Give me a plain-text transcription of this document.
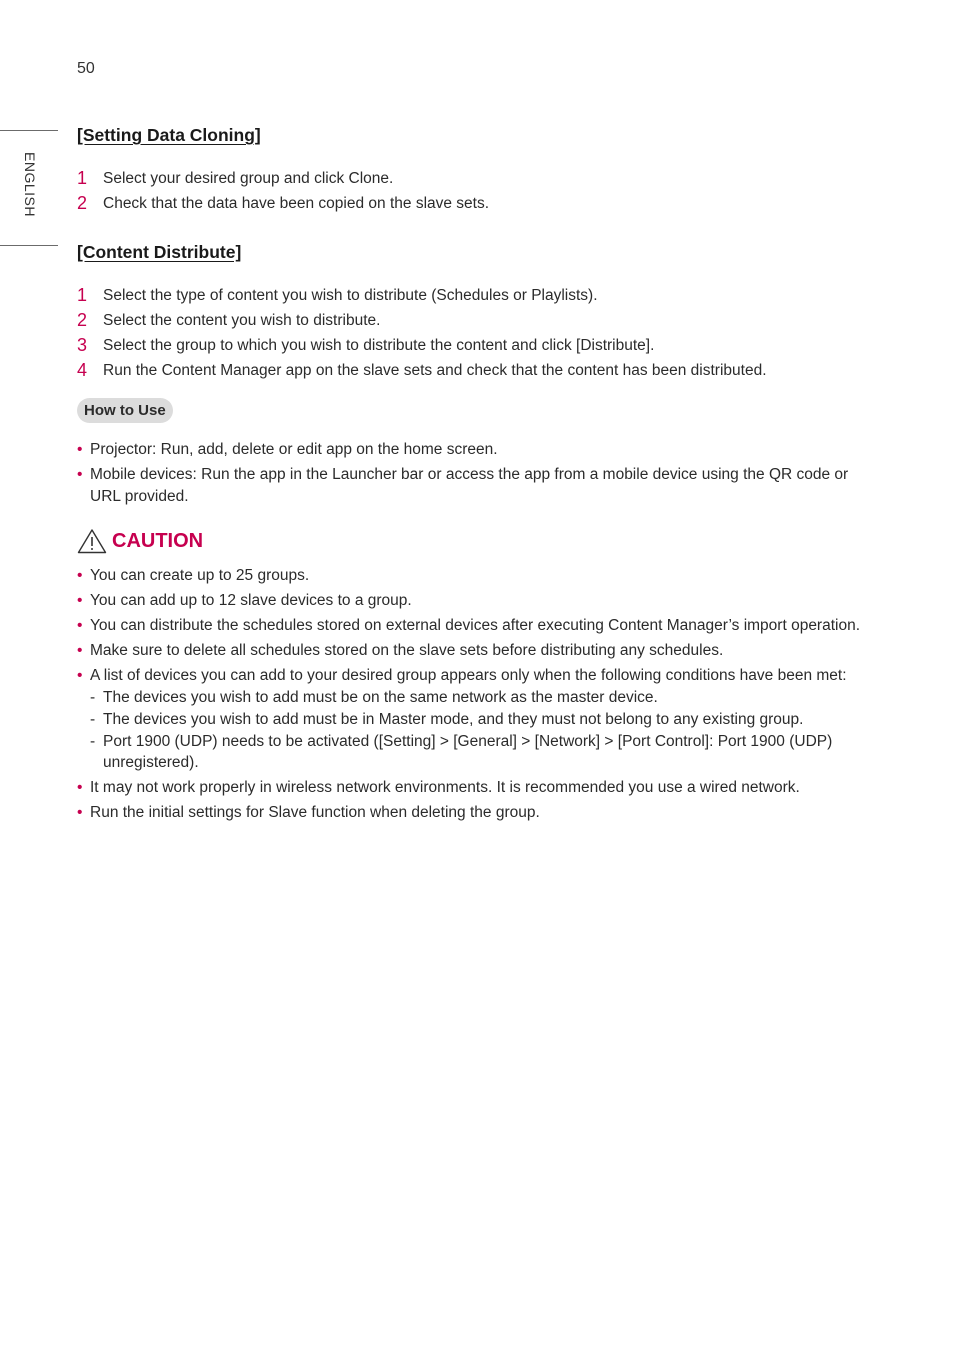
50
ENGLISH
[Setting Data Cloning]
1	Select your desired group and click Clone.
2	Check that the data have been copied on the slave sets.
[Content Distribute]
1	Select the type of content you wish to distribute (Schedules or Playlists).
2	Select the content you wish to distribute.
3	Select the group to which you wish to distribute the content and click [Distribute].
4	Run the Content Manager app on the slave sets and check that the content has been distributed.
How to Use
• Projector: Run, add, delete or edit app on the home screen.
• Mobile devices: Run the app in the Launcher bar or access the app from a mobile device using the QR code or URL provided.
CAUTION
• You can create up to 25 groups.
• You can add up to 12 slave devices to a group.
• You can distribute the schedules stored on external devices after executing Content Manager’s import operation.
• Make sure to delete all schedules stored on the slave sets before distributing any schedules.
• A list of devices you can add to your desired group appears only when the following conditions have been met:
- The devices you wish to add must be on the same network as the master device.
- The devices you wish to add must be in Master mode, and they must not belong to any existing group.
- Port 1900 (UDP) needs to be activated ([Setting] > [General] > [Network] > [Port Control]: Port 1900 (UDP) unregistered).
• It may not work properly in wireless network environments. It is recommended you use a wired network.
• Run the initial settings for Slave function when deleting the group.
